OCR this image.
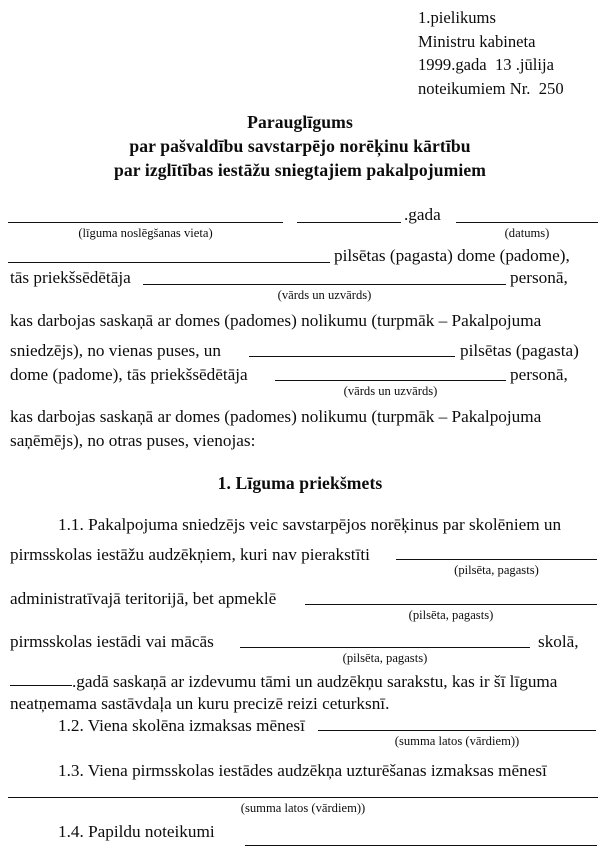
1.pielikums
Ministru kabineta
1999.gada  13 .jūlija
noteikumiem Nr.  250
Parauglīgums
par pašvaldību savstarpējo norēķinu kārtību
par izglītības iestāžu sniegtajiem pakalpojumiem
(līguma noslēgšanas vieta)
.gada
(datums)
pilsētas (pagasta) dome (padome),
tās priekšsēdētāja	personā,
(vārds un uzvārds)
kas darbojas saskaņā ar domes (padomes) nolikumu (turpmāk – Pakalpojuma
sniedzējs), no vienas puses, un	pilsētas (pagasta)
dome (padome), tās priekšsēdētāja	personā,
(vārds un uzvārds)
kas darbojas saskaņā ar domes (padomes) nolikumu (turpmāk – Pakalpojuma
saņēmējs), no otras puses, vienojas:
1. Līguma priekšmets
1.1. Pakalpojuma sniedzējs veic savstarpējos norēķinus par skolēniem un
pirmsskolas iestāžu audzēkņiem, kuri nav pierakstīti
(pilsēta, pagasts)
administratīvajā teritorijā, bet apmeklē
(pilsēta, pagasts)
pirmsskolas iestādi vai mācās	skolā,
(pilsēta, pagasts)
.gadā saskaņā ar izdevumu tāmi un audzēkņu sarakstu, kas ir šī līguma
neatņemama sastāvdaļa un kuru precizē reizi ceturksnī.
1.2. Viena skolēna izmaksas mēnesī
(summa latos (vārdiem))
1.3. Viena pirmsskolas iestādes audzēkņa uzturēšanas izmaksas mēnesī
(summa latos (vārdiem))
1.4. Papildu noteikumi
